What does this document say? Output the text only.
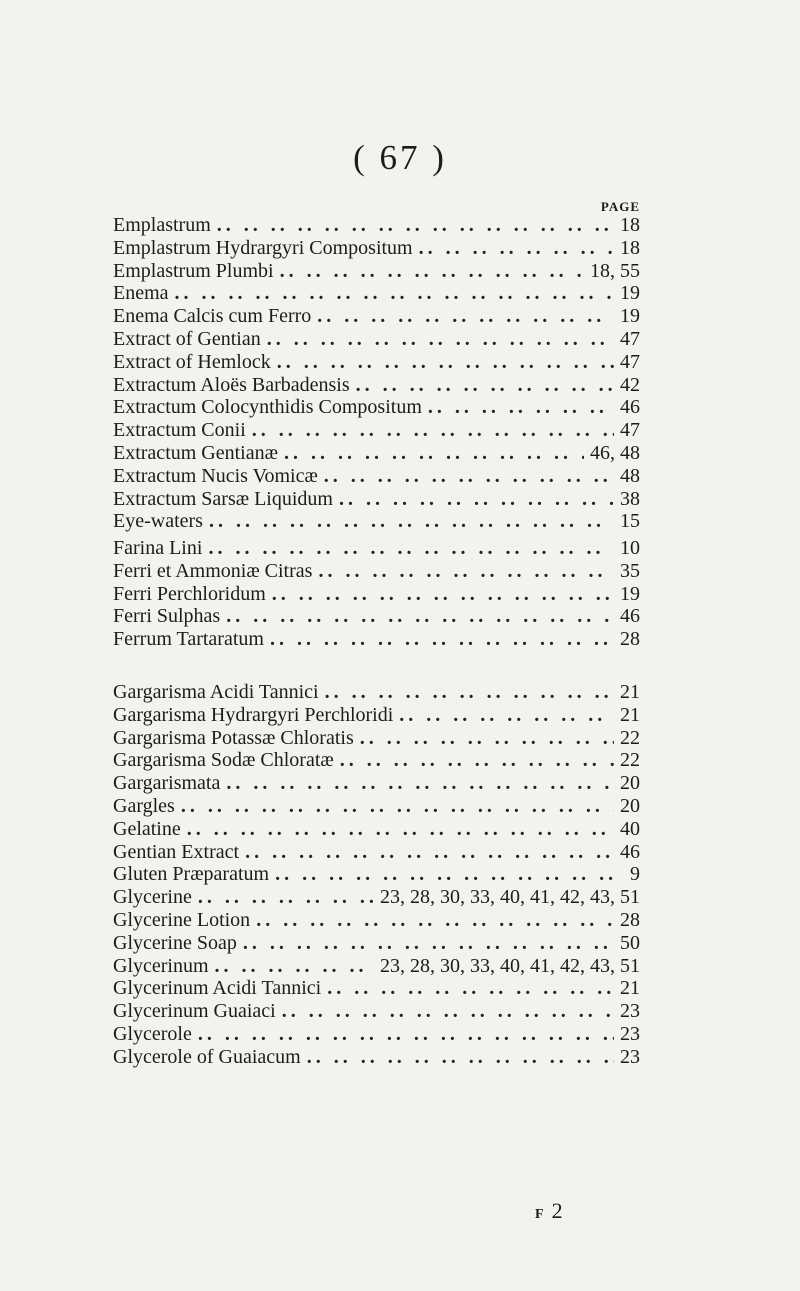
( 67 )
PAGE
Emplastrum .. ..	18
Emplastrum Hydrargyri Compositum .. ..	18
Emplastrum Plumbi .. ..	18, 55
Enema .. ..	19
Enema Calcis cum Ferro .. ..	19
Extract of Gentian .. ..	47
Extract of Hemlock .. ..	47
Extractum Aloës Barbadensis .. ..	42
Extractum Colocynthidis Compositum .. ..	46
Extractum Conii .. ..	47
Extractum Gentianæ .. ..	46, 48
Extractum Nucis Vomicæ .. ..	48
Extractum Sarsæ Liquidum .. ..	38
Eye-waters .. ..	15
Farina Lini .. ..	10
Ferri et Ammoniæ Citras .. ..	35
Ferri Perchloridum .. ..	19
Ferri Sulphas .. ..	46
Ferrum Tartaratum .. ..	28
Gargarisma Acidi Tannici .. ..	21
Gargarisma Hydrargyri Perchloridi .. ..	21
Gargarisma Potassæ Chloratis .. ..	22
Gargarisma Sodæ Chloratæ .. ..	22
Gargarismata .. ..	20
Gargles .. ..	20
Gelatine .. ..	40
Gentian Extract .. ..	46
Gluten Præparatum .. ..	9
Glycerine .. ..	23, 28, 30, 33, 40, 41, 42, 43, 51
Glycerine Lotion .. ..	28
Glycerine Soap .. ..	50
Glycerinum .. ..	23, 28, 30, 33, 40, 41, 42, 43, 51
Glycerinum Acidi Tannici .. ..	21
Glycerinum Guaiaci .. ..	23
Glycerole .. ..	23
Glycerole of Guaiacum .. ..	23
F 2
